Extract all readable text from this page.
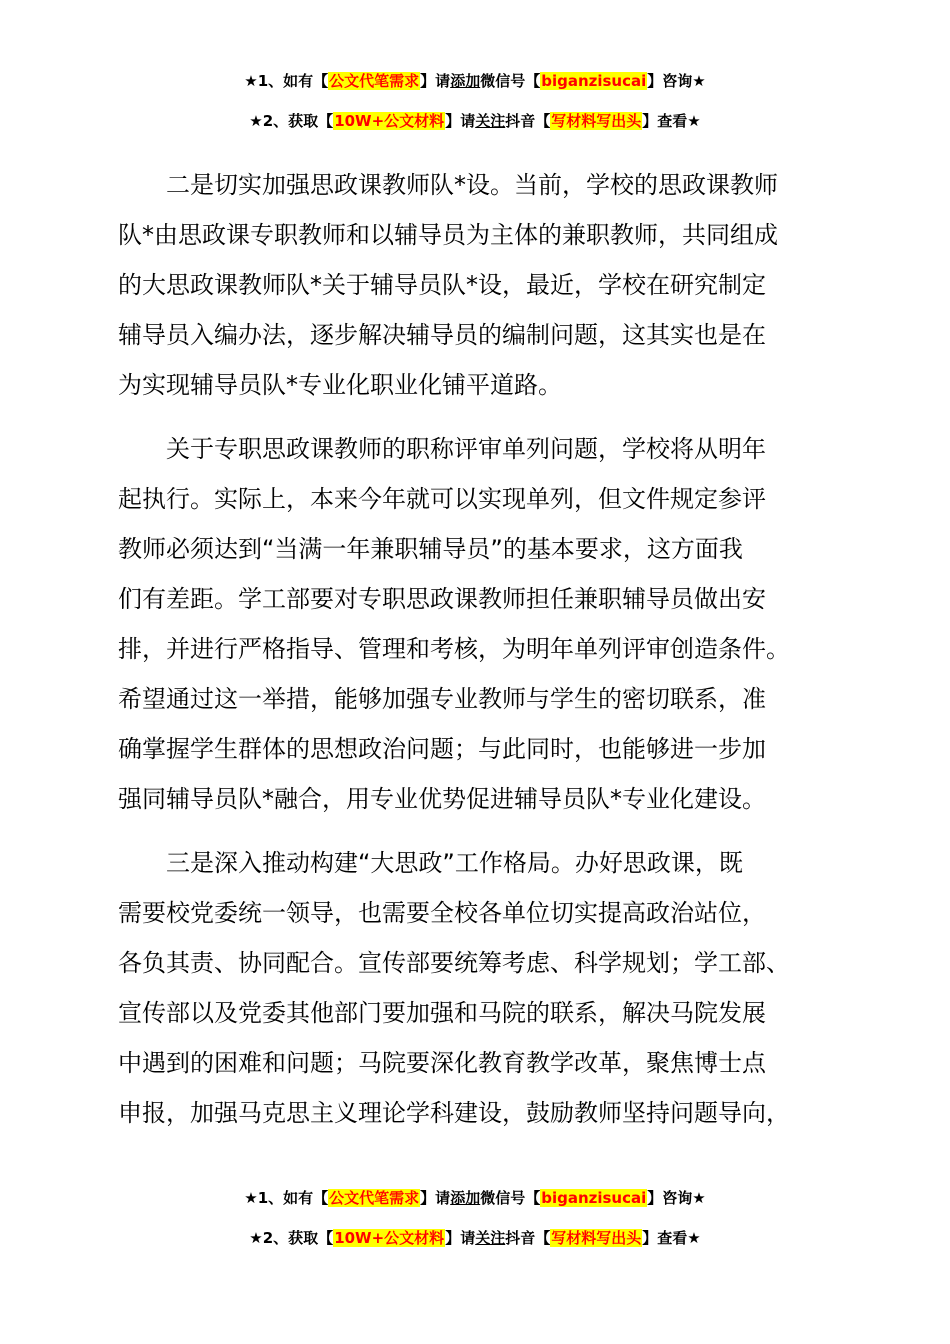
★1、如有【公文代笔需求】请添加微信号【biganzisucai】咨询★
★2、获取【10W+公文材料】请关注抖音【写材料写出头】查看★
二是切实加强思政课教师队*设。当前，学校的思政课教师
队*由思政课专职教师和以辅导员为主体的兼职教师，共同组成
的大思政课教师队*关于辅导员队*设，最近，学校在研究制定
辅导员入编办法，逐步解决辅导员的编制问题，这其实也是在
为实现辅导员队*专业化职业化铺平道路。
关于专职思政课教师的职称评审单列问题，学校将从明年
起执行。实际上，本来今年就可以实现单列，但文件规定参评
教师必须达到“当满一年兼职辅导员”的基本要求，这方面我
们有差距。学工部要对专职思政课教师担任兼职辅导员做出安
排，并进行严格指导、管理和考核，为明年单列评审创造条件。
希望通过这一举措，能够加强专业教师与学生的密切联系，准
确掌握学生群体的思想政治问题；与此同时，也能够进一步加
强同辅导员队*融合，用专业优势促进辅导员队*专业化建设。
三是深入推动构建“大思政”工作格局。办好思政课，既
需要校党委统一领导，也需要全校各单位切实提高政治站位，
各负其责、协同配合。宣传部要统筹考虑、科学规划；学工部、
宣传部以及党委其他部门要加强和马院的联系，解决马院发展
中遇到的困难和问题；马院要深化教育教学改革，聚焦博士点
申报，加强马克思主义理论学科建设，鼓励教师坚持问题导向，
★1、如有【公文代笔需求】请添加微信号【biganzisucai】咨询★
★2、获取【10W+公文材料】请关注抖音【写材料写出头】查看★
